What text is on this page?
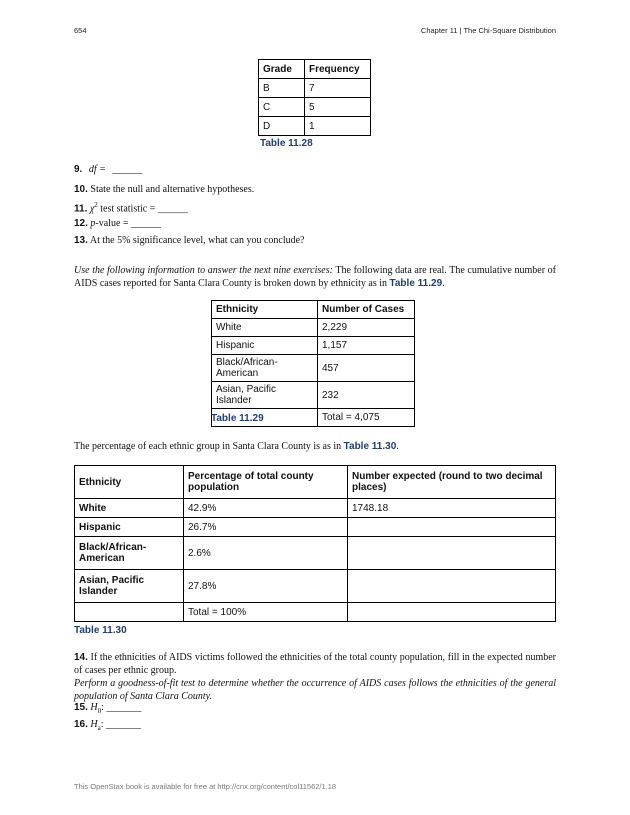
654	Chapter 11 | The Chi-Square Distribution
Grade	Frequency
B	7
C	5
D	1
Table 11.28
9. df = ______
10. State the null and alternative hypotheses.
11. $\chi^2$ test statistic = ______
12. p-value = ______
13. At the 5% significance level, what can you conclude?
Use the following information to answer the next nine exercises: The following data are real. The cumulative number of AIDS cases reported for Santa Clara County is broken down by ethnicity as in Table 11.29.
Ethnicity	Number of Cases
White	2,229
Hispanic	1,157
Black/African-American	457
Asian, Pacific Islander	232
	Total = 4,075
Table 11.29
The percentage of each ethnic group in Santa Clara County is as in Table 11.30.
Ethnicity	Percentage of total county population	Number expected (round to two decimal places)
White	42.9%	1748.18
Hispanic	26.7%	
Black/African-American	2.6%	
Asian, Pacific Islander	27.8%	
	Total = 100%	
Table 11.30
14. If the ethnicities of AIDS victims followed the ethnicities of the total county population, fill in the expected number of cases per ethnic group.
Perform a goodness-of-fit test to determine whether the occurrence of AIDS cases follows the ethnicities of the general population of Santa Clara County.
15. $H_0$: _______
16. $H_a$: _______
This OpenStax book is available for free at http://cnx.org/content/col11562/1.18
